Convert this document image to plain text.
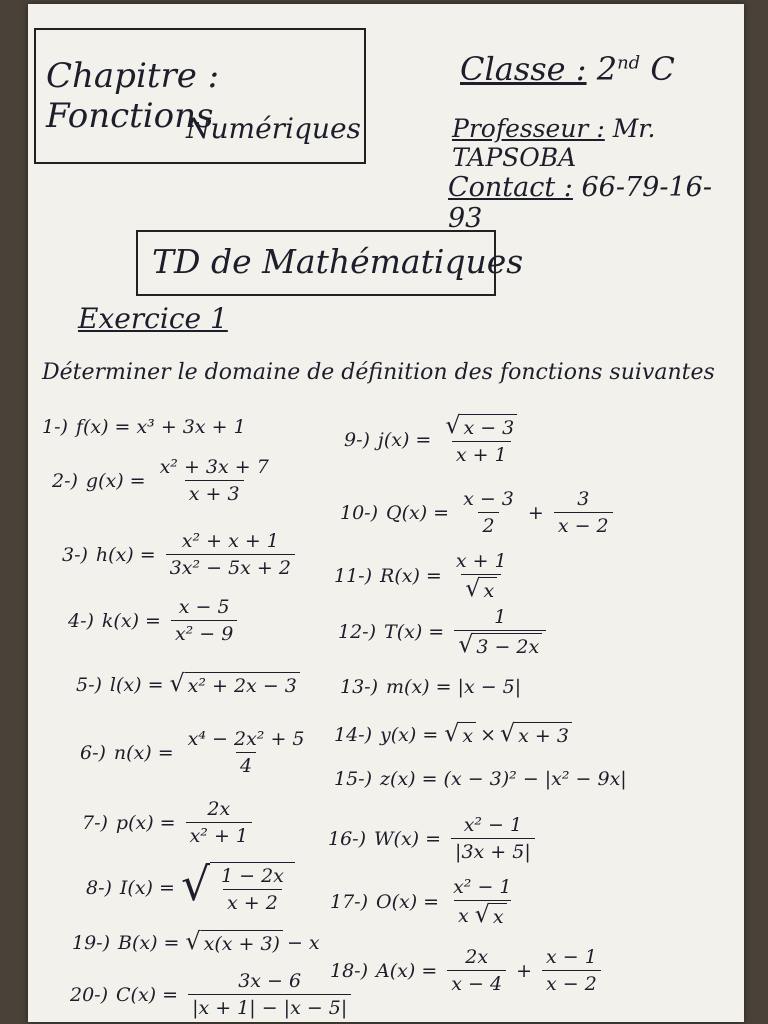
Chapitre : Fonctions
Numériques
Classe : 2nd C
Professeur : Mr. TAPSOBA
Contact : 66-79-16-93
TD de Mathématiques
Exercice 1
Déterminer le domaine de définition des fonctions suivantes
1-) f(x) = x³ + 3x + 1
2-) $g(x) = \frac{\text{x² + 3x + 7}}{x + 3}$
3-) $h(x) = \frac{\text{x² + x + 1}}{\text{3x² − 5x + 2}}$
4-) $k(x) = \frac{x - 5}{\text{x² − 9}}$
5-) l(x) = √ x² + 2x − 3
6-) $n(x) = \frac{\text{x⁴ − 2x² + 5}}{4}$
7-) $p(x) = \frac{2x}{\text{x² + 1}}$
8-) I(x) = √ $\frac{1 - 2x}{x + 2}$
19-) B(x) = √ x(x + 3) − x
20-) $C(x) = \frac{3x - 6}{|x + 1| - |x - 5|}$
9-) $j(x) = \frac{√ x - 3}{x + 1}$
10-) $Q(x) = \frac{x - 3}{2} + \frac{3}{x - 2}$
11-) $R(x) = \frac{x + 1}{√ x}$
12-) $T(x) = \frac{1}{√ 3 - 2x}$
13-) m(x) = |x − 5|
14-) y(x) = √ x × √ x + 3
15-) z(x) = (x − 3)² − |x² − 9x|
16-) $W(x) = \frac{\text{x² − 1}}{|3x + 5|}$
17-) $O(x) = \frac{\text{x² − 1}}{x √ x}$
18-) $A(x) = \frac{2x}{x - 4} + \frac{x - 1}{x - 2}$
